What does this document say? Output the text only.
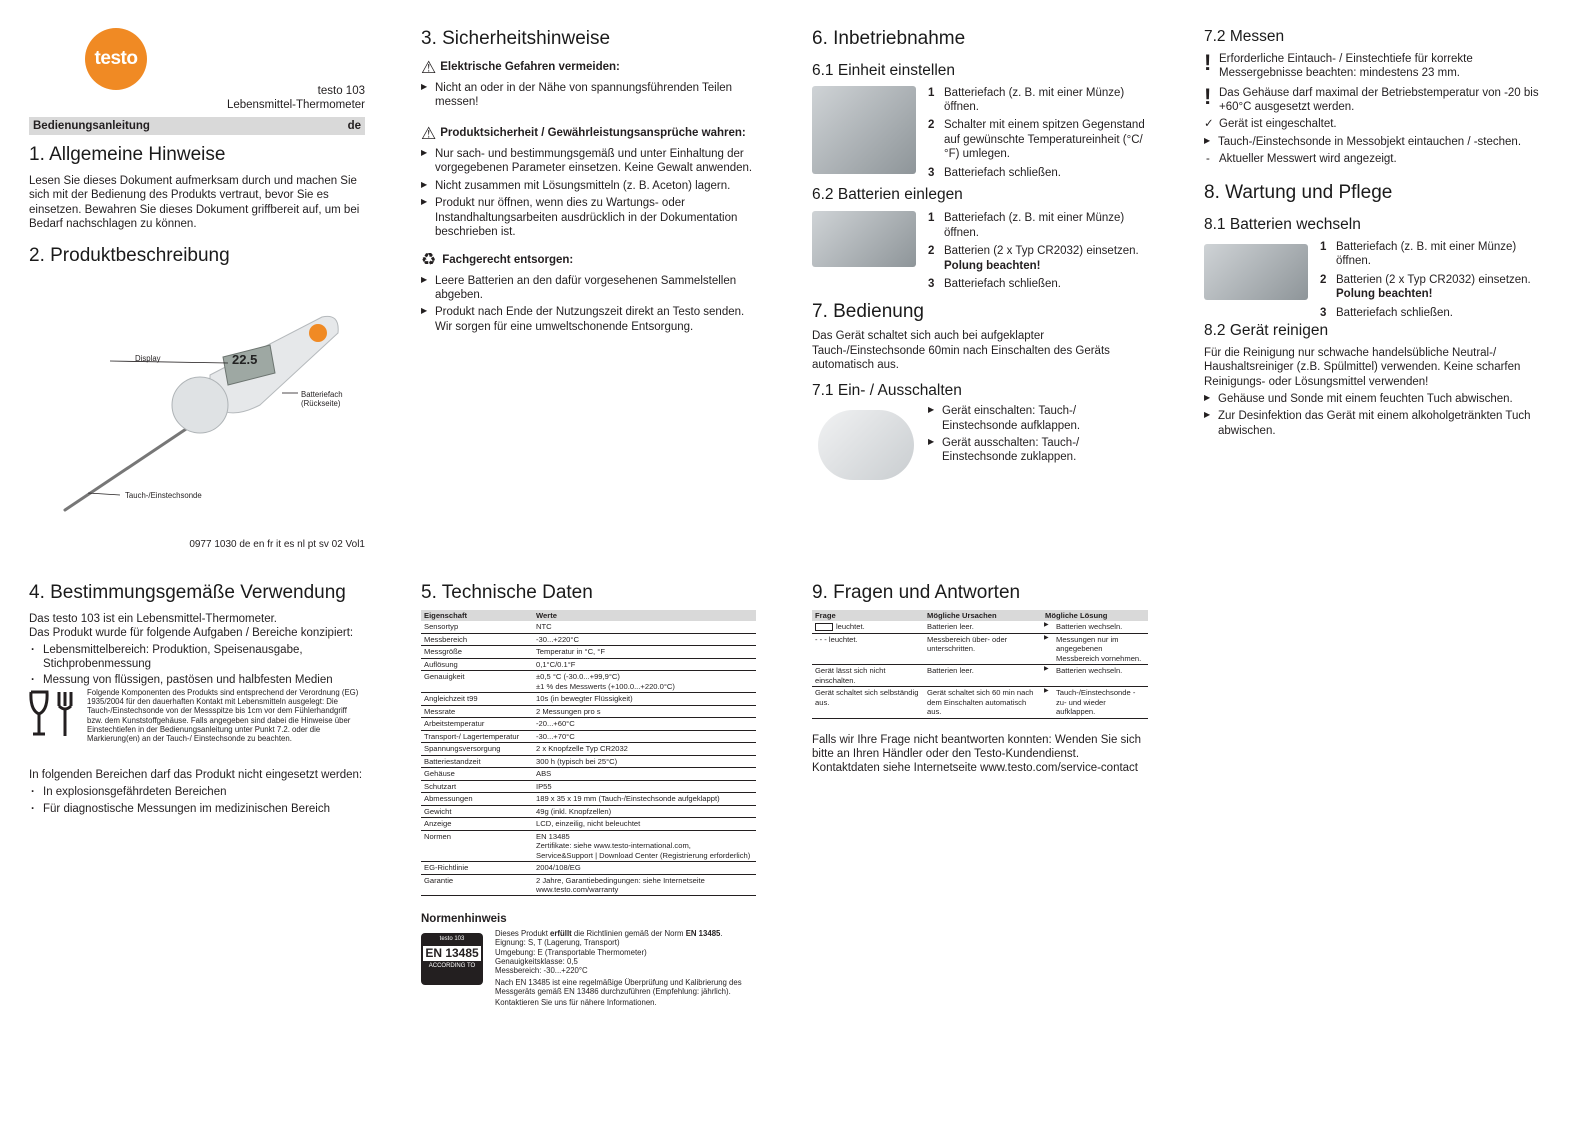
testo
testo 103
Lebensmittel-Thermometer
Bedienungsanleitung	de
1. Allgemeine Hinweise

Lesen Sie dieses Dokument aufmerksam durch und machen Sie sich mit der Bedienung des Produkts vertraut, bevor Sie es einsetzen. Bewahren Sie dieses Dokument griffbereit auf, um bei Bedarf nachschlagen zu können.

2. Produktbeschreibung
22.5
Display
Batteriefach (Rückseite)
Tauch-/Einstechsonde
0977 1030 de en fr it es nl pt sv 02 Vol1
3. Sicherheitshinweise
⚠ Elektrische Gefahren vermeiden:
▶ Nicht an oder in der Nähe von spannungsführenden Teilen messen!
⚠ Produktsicherheit / Gewährleistungsansprüche wahren:
▶ Nur sach- und bestimmungsgemäß und unter Einhaltung der vorgegebenen Parameter einsetzen. Keine Gewalt anwenden.
▶ Nicht zusammen mit Lösungsmitteln (z. B. Aceton) lagern.
▶ Produkt nur öffnen, wenn dies zu Wartungs- oder Instandhaltungsarbeiten ausdrücklich in der Dokumentation beschrieben ist.
♻ Fachgerecht entsorgen:
▶ Leere Batterien an den dafür vorgesehenen Sammelstellen abgeben.
▶ Produkt nach Ende der Nutzungszeit direkt an Testo senden. Wir sorgen für eine umweltschonende Entsorgung.
6. Inbetriebnahme
6.1 Einheit einstellen
1 Batteriefach (z. B. mit einer Münze) öffnen.
2 Schalter mit einem spitzen Gegenstand auf gewünschte Temperatureinheit (°C/°F) umlegen.
3 Batteriefach schließen.
6.2 Batterien einlegen
1 Batteriefach (z. B. mit einer Münze) öffnen.
2 Batterien (2 x Typ CR2032) einsetzen.
Polung beachten!
3 Batteriefach schließen.
7. Bedienung

Das Gerät schaltet sich auch bei aufgeklapter Tauch-/Einstechsonde 60min nach Einschalten des Geräts automatisch aus.

7.1 Ein- / Ausschalten
▶ Gerät einschalten: Tauch-/ Einstechsonde aufklappen.
▶ Gerät ausschalten: Tauch-/ Einstechsonde zuklappen.
7.2 Messen
! Erforderliche Eintauch- / Einstechtiefe für korrekte Messergebnisse beachten: mindestens 23 mm.
! Das Gehäuse darf maximal der Betriebstemperatur von -20 bis +60°C ausgesetzt werden.
✓ Gerät ist eingeschaltet.
▶ Tauch-/Einstechsonde in Messobjekt eintauchen / -stechen.
- Aktueller Messwert wird angezeigt.
8. Wartung und Pflege
8.1 Batterien wechseln
1 Batteriefach (z. B. mit einer Münze) öffnen.
2 Batterien (2 x Typ CR2032) einsetzen.
Polung beachten!
3 Batteriefach schließen.
8.2 Gerät reinigen

Für die Reinigung nur schwache handelsübliche Neutral-/ Haushaltsreiniger (z.B. Spülmittel) verwenden. Keine scharfen Reinigungs- oder Lösungsmittel verwenden!

▶ Gehäuse und Sonde mit einem feuchten Tuch abwischen.
▶ Zur Desinfektion das Gerät mit einem alkoholgetränkten Tuch abwischen.
4. Bestimmungsgemäße Verwendung

Das testo 103 ist ein Lebensmittel-Thermometer.

Das Produkt wurde für folgende Aufgaben / Bereiche konzipiert:

· Lebensmittelbereich: Produktion, Speisenausgabe, Stichprobenmessung
· Messung von flüssigen, pastösen und halbfesten Medien

Folgende Komponenten des Produkts sind entsprechend der Verordnung (EG) 1935/2004 für den dauerhaften Kontakt mit Lebensmitteln ausgelegt: Die Tauch-/Einstechsonde von der Messspitze bis 1cm vor dem Fühlerhandgriff bzw. dem Kunststoffgehäuse. Falls angegeben sind dabei die Hinweise über Einstechtiefen in der Bedienungsanleitung unter Punkt 7.2. oder die Markierung(en) an der Tauch-/ Einstechsonde zu beachten.

In folgenden Bereichen darf das Produkt nicht eingesetzt werden:

· In explosionsgefährdeten Bereichen
· Für diagnostische Messungen im medizinischen Bereich
5. Technische Daten
Eigenschaft	Werte
Sensortyp	NTC
Messbereich	-30...+220°C
Messgröße	Temperatur in °C, °F
Auflösung	0,1°C/0.1°F
Genauigkeit	±0,5 °C (-30.0...+99,9°C)
±1 % des Messwerts (+100.0...+220.0°C)
Angleichzeit t99	10s (in bewegter Flüssigkeit)
Messrate	2 Messungen pro s
Arbeitstemperatur	-20...+60°C
Transport-/ Lagertemperatur	-30...+70°C
Spannungsversorgung	2 x Knopfzelle Typ CR2032
Batteriestandzeit	300 h (typisch bei 25°C)
Gehäuse	ABS
Schutzart	IP55
Abmessungen	189 x 35 x 19 mm (Tauch-/Einstechsonde aufgeklappt)
Gewicht	49g (inkl. Knopfzellen)
Anzeige	LCD, einzeilig, nicht beleuchtet
Normen	EN 13485
Zertifikate: siehe www.testo-international.com,
Service&Support | Download Center (Registrierung erforderlich)
EG-Richtlinie	2004/108/EG
Garantie	2 Jahre, Garantiebedingungen: siehe Internetseite
www.testo.com/warranty
Normenhinweis
testo 103
EN 13485
ACCORDING TO
Dieses Produkt erfüllt die Richtlinien gemäß der Norm EN 13485.
Eignung: S, T (Lagerung, Transport)
Umgebung: E (Transportable Thermometer)
Genauigkeitsklasse: 0,5
Messbereich: -30...+220°C
Nach EN 13485 ist eine regelmäßige Überprüfung und Kalibrierung des Messgeräts gemäß EN 13486 durchzuführen (Empfehlung: jährlich).
Kontaktieren Sie uns für nähere Informationen.
9. Fragen und Antworten
Frage	Mögliche Ursachen	Mögliche Lösung
leuchtet.	Batterien leer.	▶ Batterien wechseln.
- - - leuchtet.	Messbereich über- oder unterschritten.	▶ Messungen nur im angegebenen Messbereich vornehmen.
Gerät lässt sich nicht einschalten.	Batterien leer.	▶ Batterien wechseln.
Gerät schaltet sich selbständig aus.	Gerät schaltet sich 60 min nach dem Einschalten automatisch aus.	▶ Tauch-/Einstechsonde - zu- und wieder aufklappen.

Falls wir Ihre Frage nicht beantworten konnten: Wenden Sie sich bitte an Ihren Händler oder den Testo-Kundendienst. Kontaktdaten siehe Internetseite www.testo.com/service-contact
